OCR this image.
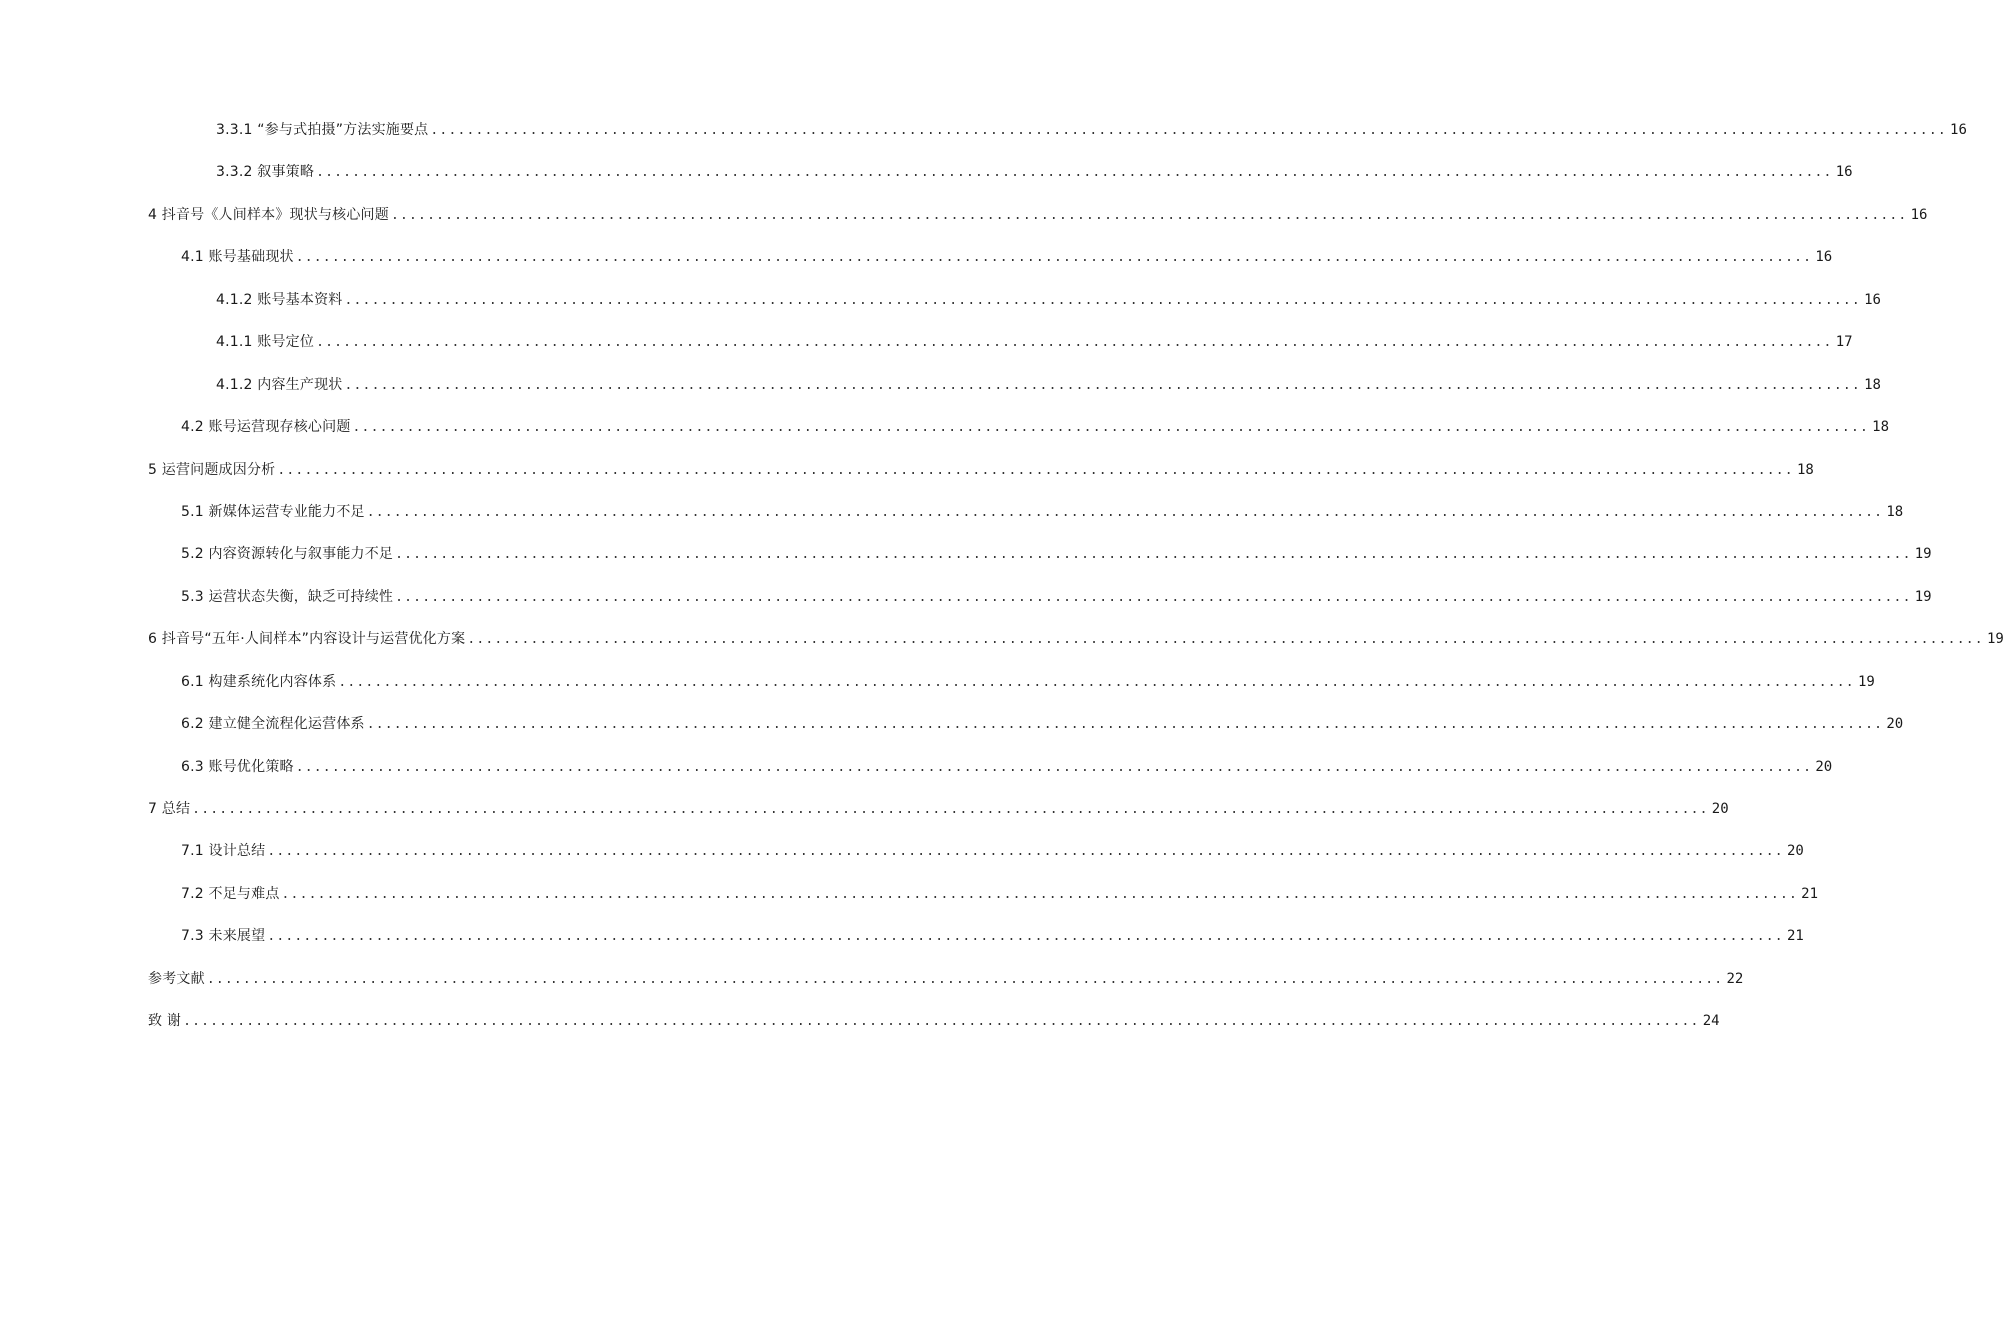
3.3.1 “参与式拍摄”方法实施要点 ........................................................................................................................................................................ 16
3.3.2 叙事策略 ........................................................................................................................................................................ 16
4 抖音号《人间样本》现状与核心问题 ........................................................................................................................................................................ 16
4.1 账号基础现状 ........................................................................................................................................................................ 16
4.1.2 账号基本资料 ........................................................................................................................................................................ 16
4.1.1 账号定位 ........................................................................................................................................................................ 17
4.1.2 内容生产现状 ........................................................................................................................................................................ 18
4.2 账号运营现存核心问题 ........................................................................................................................................................................ 18
5 运营问题成因分析 ........................................................................................................................................................................ 18
5.1 新媒体运营专业能力不足 ........................................................................................................................................................................ 18
5.2 内容资源转化与叙事能力不足 ........................................................................................................................................................................ 19
5.3 运营状态失衡，缺乏可持续性 ........................................................................................................................................................................ 19
6 抖音号“五年·人间样本”内容设计与运营优化方案 ........................................................................................................................................................................ 19
6.1 构建系统化内容体系 ........................................................................................................................................................................ 19
6.2 建立健全流程化运营体系 ........................................................................................................................................................................ 20
6.3 账号优化策略 ........................................................................................................................................................................ 20
7 总结 ........................................................................................................................................................................ 20
7.1 设计总结 ........................................................................................................................................................................ 20
7.2 不足与难点 ........................................................................................................................................................................ 21
7.3 未来展望 ........................................................................................................................................................................ 21
参考文献 ........................................................................................................................................................................ 22
致 谢 ........................................................................................................................................................................ 24
